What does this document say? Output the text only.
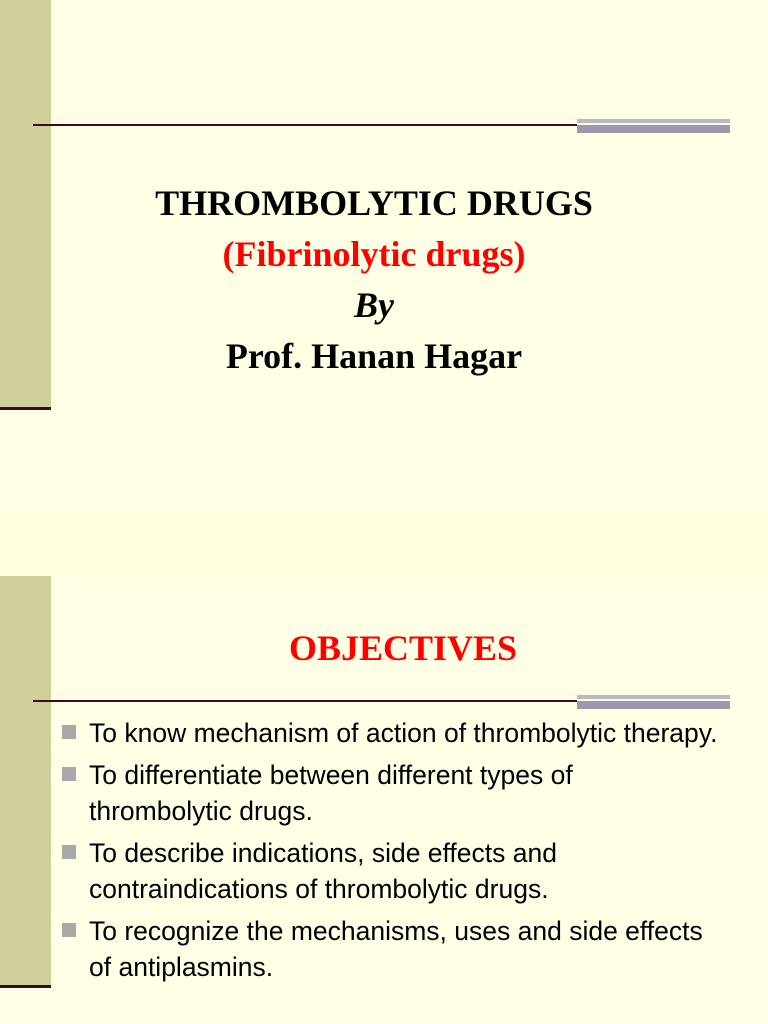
THROMBOLYTIC DRUGS
(Fibrinolytic drugs)
By
Prof. Hanan Hagar
OBJECTIVES
To know mechanism of action of thrombolytic therapy.
To differentiate between different types of thrombolytic drugs.
To describe indications, side effects and contraindications of thrombolytic drugs.
To recognize the mechanisms, uses and side effects of antiplasmins.
